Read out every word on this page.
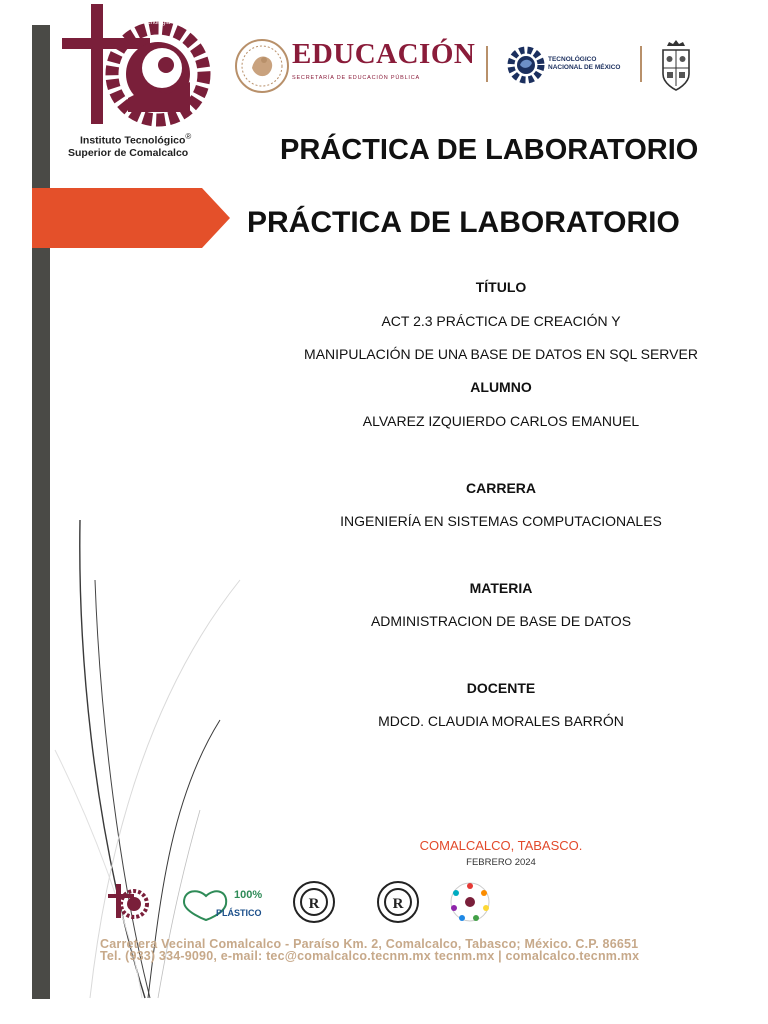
Ciencia · Tecnología · Progreso
Instituto Tecnológico®
Superior de Comalcalco
EDUCACIÓN
SECRETARÍA DE EDUCACIÓN PÚBLICA
TECNOLÓGICO
NACIONAL DE MÉXICO
PRÁCTICA DE LABORATORIO
PRÁCTICA DE LABORATORIO
TÍTULO
ACT 2.3 PRÁCTICA DE CREACIÓN Y
MANIPULACIÓN DE UNA BASE DE DATOS EN SQL SERVER
ALUMNO
ALVAREZ IZQUIERDO CARLOS EMANUEL
CARRERA
INGENIERÍA EN SISTEMAS COMPUTACIONALES
MATERIA
ADMINISTRACION DE BASE DE DATOS
DOCENTE
MDCD. CLAUDIA MORALES BARRÓN
COMALCALCO, TABASCO.
FEBRERO 2024
100%
PLÁSTICO
R	R
Carretera Vecinal Comalcalco - Paraíso Km. 2, Comalcalco, Tabasco; México. C.P. 86651
Tel. (933) 334-9090, e-mail: tec@comalcalco.tecnm.mx tecnm.mx | comalcalco.tecnm.mx
